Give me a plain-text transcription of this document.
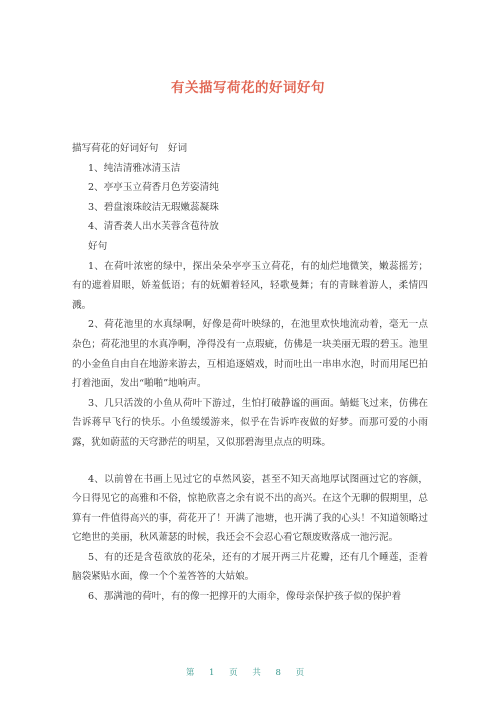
有关描写荷花的好词好句
描写荷花的好词好句　好词
1、纯洁清雅冰清玉洁
2、亭亭玉立荷香月色芳姿清纯
3、碧盘滚珠皎洁无瑕嫩蕊凝珠
4、清香袭人出水芙蓉含苞待放
好句

1、在荷叶浓密的绿中，探出朵朵亭亭玉立荷花，有的灿烂地微笑，嫩蕊摇芳；有的遮着眉眼，娇羞低语；有的妩媚着轻风，轻歌曼舞；有的青睐着游人，柔情四溅。

2、荷花池里的水真绿啊，好像是荷叶映绿的，在池里欢快地流动着，毫无一点杂色；荷花池里的水真净啊，净得没有一点瑕疵，仿佛是一块美丽无瑕的碧玉。池里的小金鱼自由自在地游来游去，互相追逐嬉戏，时而吐出一串串水泡，时而用尾巴拍打着池面，发出“啪啪”地响声。

3、几只活泼的小鱼从荷叶下游过，生怕打破静谧的画面。蜻蜓飞过来，仿佛在告诉蒋早飞行的快乐。小鱼缓缓游来，似乎在告诉咋夜做的好梦。而那可爱的小雨露，犹如蔚蓝的天穹渺茫的明星，又似那碧海里点点的明珠。

4、以前曾在书画上见过它的卓然风姿，甚至不知天高地厚试图画过它的容颜，今日得见它的高雅和不俗，惊艳欣喜之余有说不出的高兴。在这个无聊的假期里，总算有一件值得高兴的事，荷花开了！开满了池塘，也开满了我的心头！不知道领略过它绝世的美丽，秋风萧瑟的时候，我还会不会忍心看它颓废败落成一池污泥。

5、有的还是含苞欲放的花朵，还有的才展开两三片花瓣，还有几个睡莲，歪着脑袋紧贴水面，像一个个羞答答的大姑娘。

6、那满池的荷叶，有的像一把撑开的大雨伞，像母亲保护孩子似的保护着

第 1 页 共 8 页
